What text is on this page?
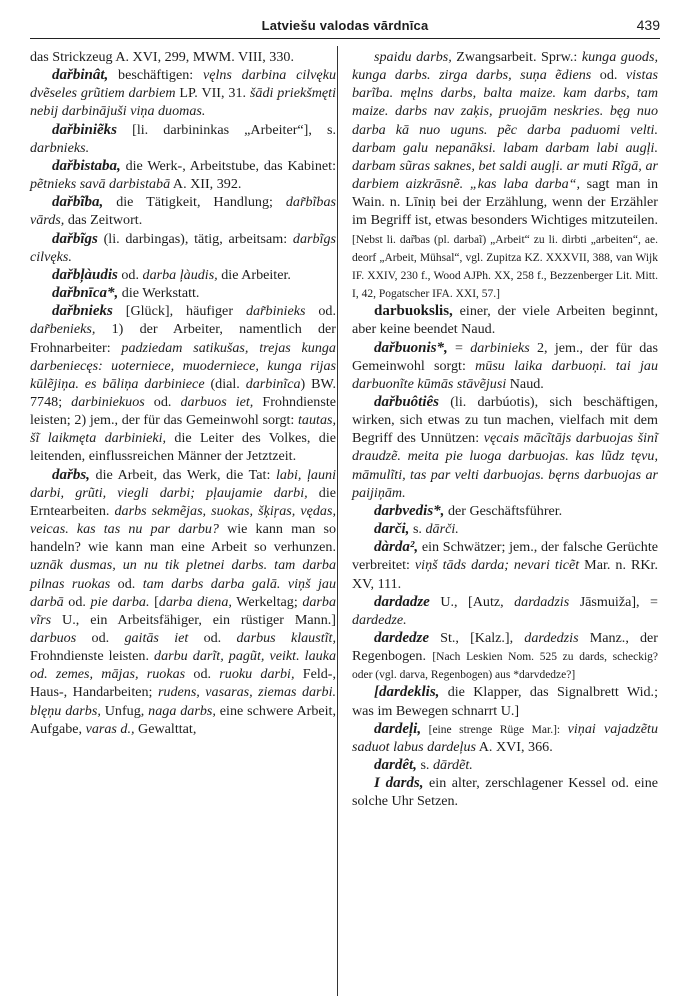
Latviešu valodas vārdnīca	439

das Strickzeug A. XVI, 299, MWM. VIII, 330.

dařbinât, beschäftigen: vęlns darbina cilvęku dvẽseles grũtiem darbiem LP. VII, 31. šādi priekšmęti nebij darbinājuši viņa duomas.

dařbiniẽks [li. darbininkas „Arbeiter“], s. darbnieks.

dařbistaba, die Werk-, Arbeitstube, das Kabinet: pẽtnieks savā darbistabā A. XII, 392.

dařbĩba, die Tätigkeit, Handlung; dar̃bĩbas vārds, das Zeitwort.

dařbĩgs (li. darbingas), tätig, arbeitsam: darbĩgs cilvęks.

dařbļàudis od. darba ļàudis, die Arbeiter.

dařbnīca*, die Werkstatt.

dařbnieks [Glück], häufiger dar̃binieks od. dar̃benieks, 1) der Arbeiter, namentlich der Frohnarbeiter: padziedam satikušas, trejas kunga darbeniecęs: uoterniece, muoderniece, kunga rijas kūlẽjiņa. es bāliņa darbiniece (dial. darbinĩca) BW. 7748; darbiniekuos od. darbuos iet, Frohndienste leisten; 2) jem., der für das Gemeinwohl sorgt: tautas, šĩ laikmęta darbinieki, die Leiter des Volkes, die leitenden, einflussreichen Männer der Jetztzeit.

dařbs, die Arbeit, das Werk, die Tat: labi, ļauni darbi, grũti, viegli darbi; pļaujamie darbi, die Erntearbeiten. darbs sekmẽjas, suokas, šķiŗas, vędas, veicas. kas tas nu par darbu? wie kann man so handeln? wie kann man eine Arbeit so verhunzen. uznāk dusmas, un nu tik pletnei darbs. tam darba pilnas ruokas od. tam darbs darba galā. viņš jau darbā od. pie darba. [darba diena, Werkeltag; darba vĩrs U., ein Arbeitsfähiger, ein rüstiger Mann.] darbuos od. gaitās iet od. darbus klaustĩt, Frohndienste leisten. darbu darĩt, pagũt, veikt. lauka od. zemes, mājas, ruokas od. ruoku darbi, Feld-, Haus-, Handarbeiten; rudens, vasaras, ziemas darbi. blęņu darbs, Unfug, naga darbs, eine schwere Arbeit, Aufgabe, varas d., Gewalttat,

spaidu darbs, Zwangsarbeit. Sprw.: kunga guods, kunga darbs. zirga darbs, suņa ẽdiens od. vistas barĩba. męlns darbs, balta maize. kam darbs, tam maize. darbs nav zaķis, pruojām neskries. bęg nuo darba kā nuo uguns. pẽc darba paduomi velti. darbam galu nepanāksi. labam darbam labi augļi. darbam sũras saknes, bet saldi augļi. ar muti Rĩgā, ar darbiem aizkrāsnẽ. „kas laba darba“, sagt man in Wain. n. Līniņ bei der Erzählung, wenn der Erzähler im Begriff ist, etwas besonders Wichtiges mitzuteilen. [Nebst li. dar̃bas (pl. darbaĩ) „Arbeit“ zu li. dìrbti „arbeiten“, ae. deorf „Arbeit, Mühsal“, vgl. Zupitza KZ. XXXVII, 388, van Wijk IF. XXIV, 230 f., Wood AJPh. XX, 258 f., Bezzenberger Lit. Mitt. I, 42, Pogatscher IFA. XXI, 57.]

darbuokslis, einer, der viele Arbeiten beginnt, aber keine beendet Naud.

dařbuonis*, = darbinieks 2, jem., der für das Gemeinwohl sorgt: mūsu laika darbuoņi. tai jau darbuonĩte kūmās stāvẽjusi Naud.

dařbuôtiês (li. darbúotis), sich beschäftigen, wirken, sich etwas zu tun machen, vielfach mit dem Begriff des Unnützen: vęcais mācĩtājs darbuojas šinĩ draudzẽ. meita pie luoga darbuojas. kas lũdz tęvu, māmulĩti, tas par velti darbuojas. bęrns darbuojas ar paijiņām.

darbvedis*, der Geschäftsführer.

darči, s. dārči.

dàrda², ein Schwätzer; jem., der falsche Gerüchte verbreitet: viņš tāds darda; nevari ticẽt Mar. n. RKr. XV, 111.

dardadze U., [Autz, dardadzis Jāsmuiža], = dardedze.

dardedze St., [Kalz.], dardedzis Manz., der Regenbogen. [Nach Leskien Nom. 525 zu dards, scheckig? oder (vgl. darva, Regenbogen) aus *darvdedze?]

[dardeklis, die Klapper, das Signalbrett Wid.; was im Bewegen schnarrt U.]

dardeļi, [eine strenge Rüge Mar.]: viņai vajadzẽtu saduot labus dardeļus A. XVI, 366.

dardêt, s. dārdẽt.

I dards, ein alter, zerschlagener Kessel od. eine solche Uhr Setzen.
